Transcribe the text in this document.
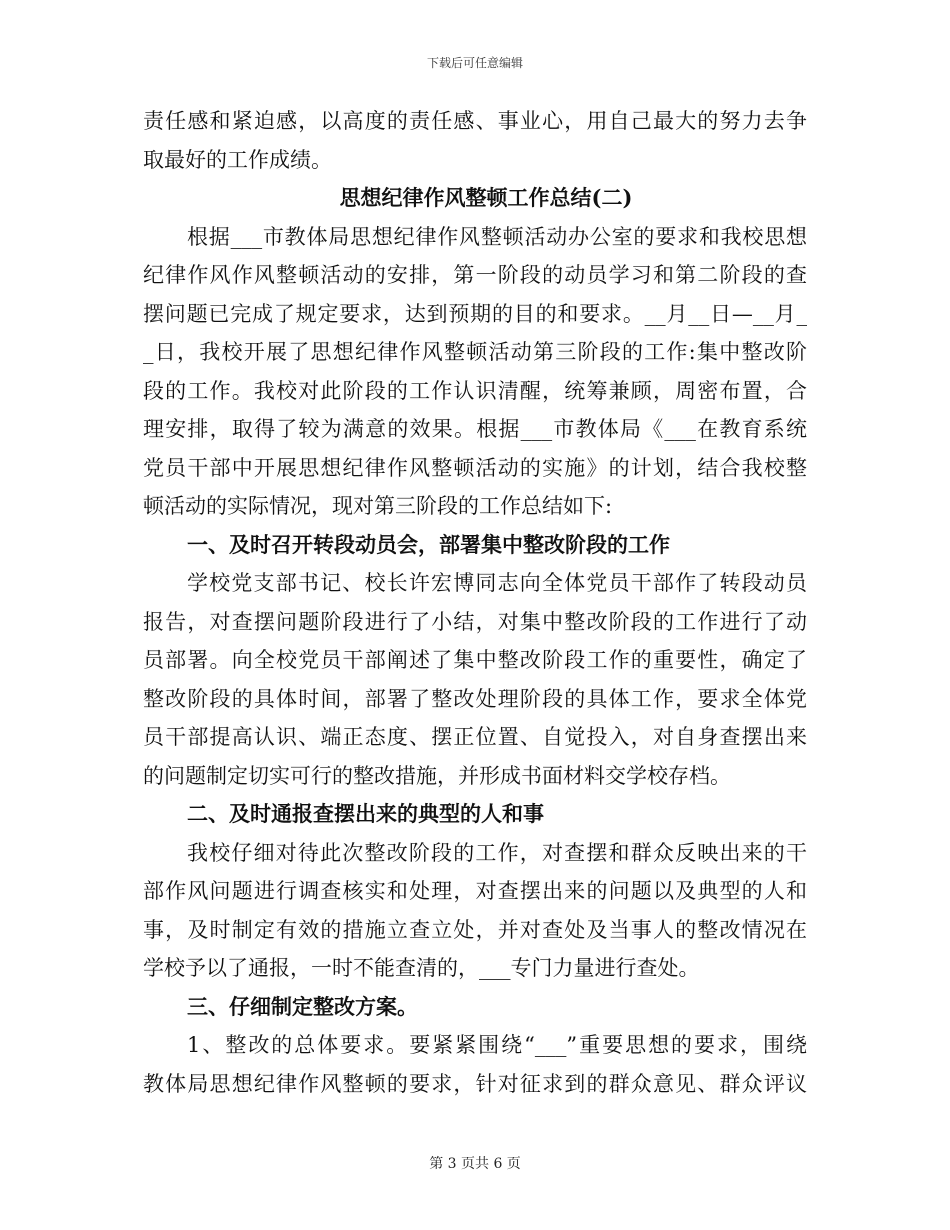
下载后可任意编辑
责任感和紧迫感，以高度的责任感、事业心，用自己最大的努力去争
取最好的工作成绩。
思想纪律作风整顿工作总结(二)
根据___市教体局思想纪律作风整顿活动办公室的要求和我校思想
纪律作风作风整顿活动的安排，第一阶段的动员学习和第二阶段的查
摆问题已完成了规定要求，达到预期的目的和要求。__月__日—__月_
_日，我校开展了思想纪律作风整顿活动第三阶段的工作:集中整改阶
段的工作。我校对此阶段的工作认识清醒，统筹兼顾，周密布置，合
理安排，取得了较为满意的效果。根据___市教体局《___在教育系统
党员干部中开展思想纪律作风整顿活动的实施》的计划，结合我校整
顿活动的实际情况，现对第三阶段的工作总结如下:
一、及时召开转段动员会，部署集中整改阶段的工作
学校党支部书记、校长许宏博同志向全体党员干部作了转段动员
报告，对查摆问题阶段进行了小结，对集中整改阶段的工作进行了动
员部署。向全校党员干部阐述了集中整改阶段工作的重要性，确定了
整改阶段的具体时间，部署了整改处理阶段的具体工作，要求全体党
员干部提高认识、端正态度、摆正位置、自觉投入，对自身查摆出来
的问题制定切实可行的整改措施，并形成书面材料交学校存档。
二、及时通报查摆出来的典型的人和事
我校仔细对待此次整改阶段的工作，对查摆和群众反映出来的干
部作风问题进行调查核实和处理，对查摆出来的问题以及典型的人和
事，及时制定有效的措施立查立处，并对查处及当事人的整改情况在
学校予以了通报，一时不能查清的，___专门力量进行查处。
三、仔细制定整改方案。
1、整改的总体要求。要紧紧围绕“___”重要思想的要求，围绕
教体局思想纪律作风整顿的要求，针对征求到的群众意见、群众评议
第 3 页共 6 页
